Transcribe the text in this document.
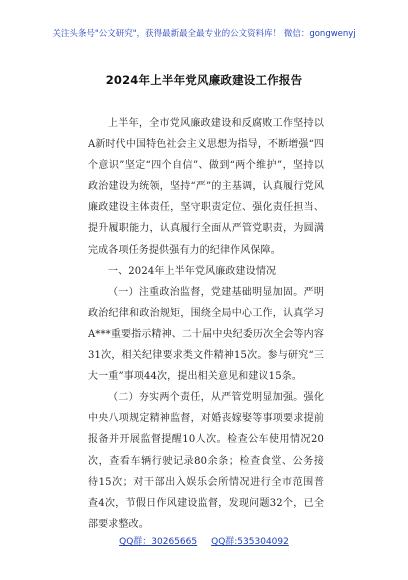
关注头条号"公文研究"，获得最新最全最专业的公文资料库！ 微信：gongwenyj
2024年上半年党风廉政建设工作报告

上半年，全市党风廉政建设和反腐败工作坚持以A新时代中国特色社会主义思想为指导，不断增强“四个意识”坚定“四个自信”、做到“两个维护”，坚持以政治建设为统领，坚持“严”的主基调，认真履行党风廉政建设主体责任，坚守职责定位、强化责任担当、提升履职能力，认真履行全面从严管党职责，为圆满完成各项任务提供强有力的纪律作风保障。

一、2024年上半年党风廉政建设情况

（一）注重政治监督，党建基础明显加固。严明政治纪律和政治规矩，围绕全局中心工作，认真学习A***重要指示精神、二十届中央纪委历次全会等内容31次，相关纪律要求类文件精神15次。参与研究“三大一重”事项44次，提出相关意见和建议15条。

（二）夯实两个责任，从严管党明显加强。强化中央八项规定精神监督，对婚丧嫁娶等事项要求提前报备并开展监督提醒10人次。检查公车使用情况20次，查看车辆行驶记录80余条；检查食堂、公务接待15次；对干部出入娱乐会所情况进行全市范围普查4次，节假日作风建设监督，发现问题32个，已全部要求整改。

QQ群：30265665 QQ群:535304092
